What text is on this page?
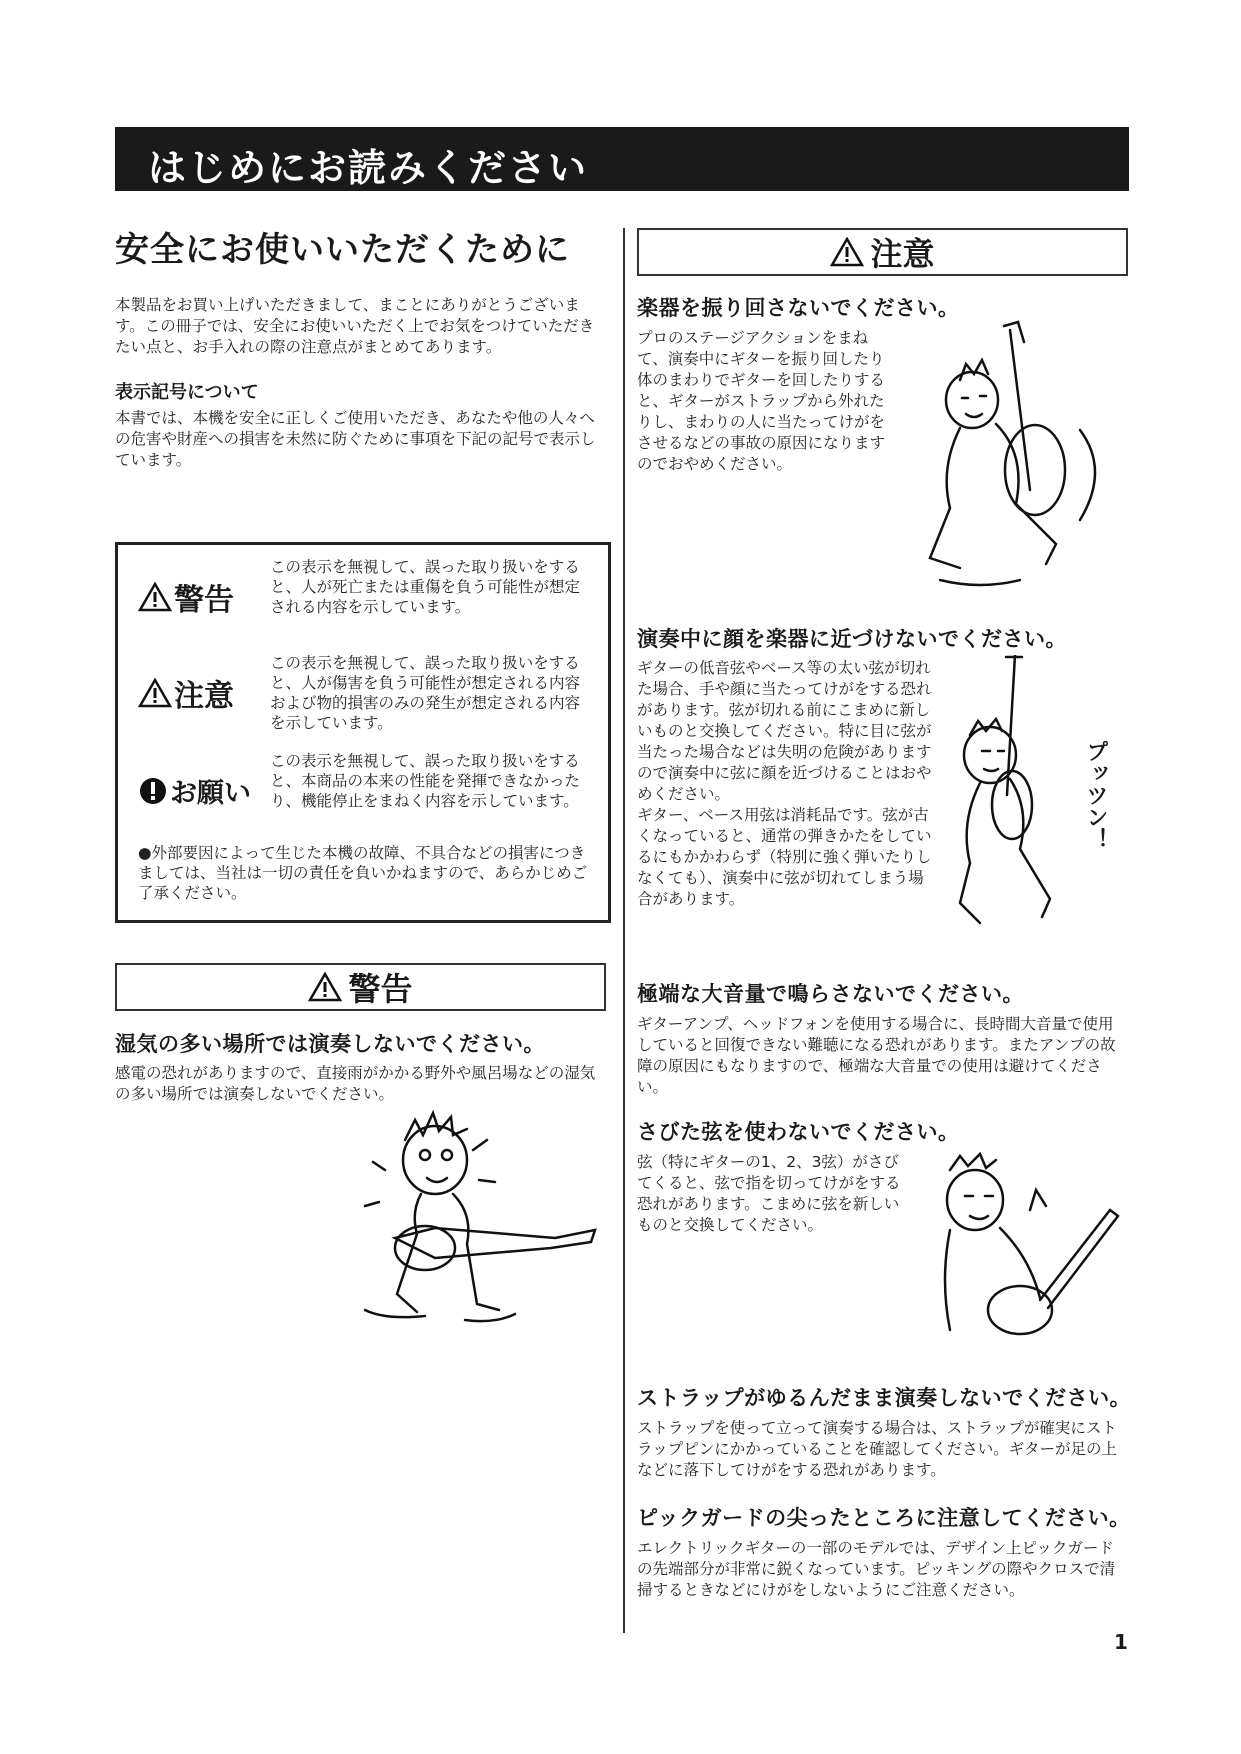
はじめにお読みください
安全にお使いいただくために

本製品をお買い上げいただきまして、まことにありがとうございます。この冊子では、安全にお使いいただく上でお気をつけていただきたい点と、お手入れの際の注意点がまとめてあります。

表示記号について

本書では、本機を安全に正しくご使用いただき、あなたや他の人々への危害や財産への損害を未然に防ぐために事項を下記の記号で表示しています。

警告

この表示を無視して、誤った取り扱いをすると、人が死亡または重傷を負う可能性が想定される内容を示しています。

注意

この表示を無視して、誤った取り扱いをすると、人が傷害を負う可能性が想定される内容および物的損害のみの発生が想定される内容を示しています。

お願い

この表示を無視して、誤った取り扱いをすると、本商品の本来の性能を発揮できなかったり、機能停止をまねく内容を示しています。

●外部要因によって生じた本機の故障、不具合などの損害につきましては、当社は一切の責任を負いかねますので、あらかじめご了承ください。

警告
湿気の多い場所では演奏しないでください。

感電の恐れがありますので、直接雨がかかる野外や風呂場などの湿気の多い場所では演奏しないでください。

注意
楽器を振り回さないでください。

プロのステージアクションをまねて、演奏中にギターを振り回したり体のまわりでギターを回したりすると、ギターがストラップから外れたりし、まわりの人に当たってけがをさせるなどの事故の原因になりますのでおやめください。

演奏中に顔を楽器に近づけないでください。

ギターの低音弦やベース等の太い弦が切れた場合、手や顔に当たってけがをする恐れがあります。弦が切れる前にこまめに新しいものと交換してください。特に目に弦が当たった場合などは失明の危険がありますので演奏中に弦に顔を近づけることはおやめください。

ギター、ベース用弦は消耗品です。弦が古くなっていると、通常の弾きかたをしているにもかかわらず（特別に強く弾いたりしなくても）、演奏中に弦が切れてしまう場合があります。

プッツン！
極端な大音量で鳴らさないでください。

ギターアンプ、ヘッドフォンを使用する場合に、長時間大音量で使用していると回復できない難聴になる恐れがあります。またアンプの故障の原因にもなりますので、極端な大音量での使用は避けてください。

さびた弦を使わないでください。

弦（特にギターの1、2、3弦）がさびてくると、弦で指を切ってけがをする恐れがあります。こまめに弦を新しいものと交換してください。

ストラップがゆるんだまま演奏しないでください。

ストラップを使って立って演奏する場合は、ストラップが確実にストラップピンにかかっていることを確認してください。ギターが足の上などに落下してけがをする恐れがあります。

ピックガードの尖ったところに注意してください。

エレクトリックギターの一部のモデルでは、デザイン上ピックガードの先端部分が非常に鋭くなっています。ピッキングの際やクロスで清掃するときなどにけがをしないようにご注意ください。

1
